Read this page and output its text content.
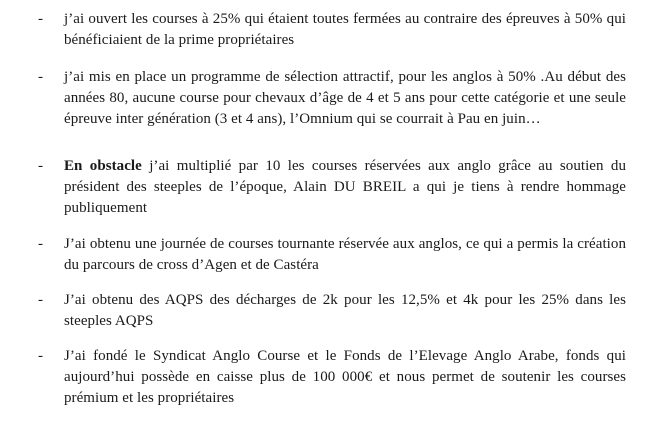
- j’ai ouvert les courses à 25% qui étaient toutes fermées au contraire des épreuves à 50% qui bénéficiaient de la prime propriétaires
- j’ai mis en place un programme de sélection attractif, pour les anglos à 50% .Au début des années 80, aucune course pour chevaux d’âge de 4 et 5 ans pour cette catégorie et une seule épreuve inter génération (3 et 4 ans), l’Omnium qui se courrait à Pau en juin…
- En obstacle j’ai multiplié par 10 les courses réservées aux anglo grâce au soutien du président des steeples de l’époque, Alain DU BREIL a qui je tiens à rendre hommage publiquement
- J’ai obtenu une journée de courses tournante réservée aux anglos, ce qui a permis la création du parcours de cross d’Agen et de Castéra
- J’ai obtenu des AQPS des décharges de 2k pour les 12,5% et 4k pour les 25% dans les steeples AQPS
- J’ai fondé le Syndicat Anglo Course et le Fonds de l’Elevage Anglo Arabe, fonds qui aujourd’hui possède en caisse plus de 100 000€ et nous permet de soutenir les courses prémium et les propriétaires
